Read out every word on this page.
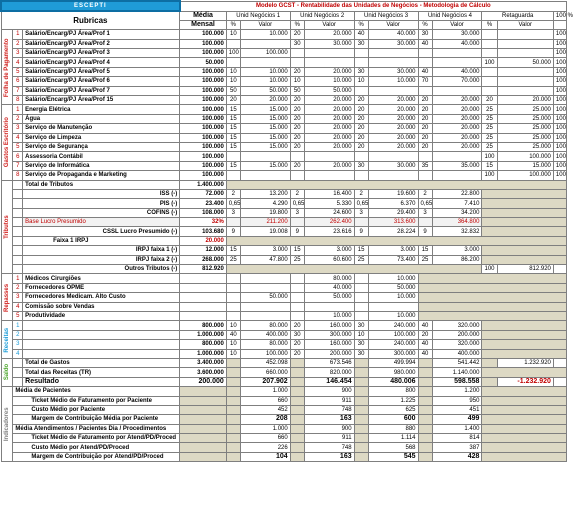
ESCEPTI			Modelo GCST - Rentabilidade das Unidades de Negócios - Metodologia de Cálculo											
Rubricas			Média	Unid Negócios 1		Unid Negócios 2		Unid Negócios 3		Unid Negócios 4		Retaguarda		100 %
			Mensal	%	Valor	%	Valor	%	Valor	%	Valor	%	Valor	
Folha de Pagamento	1	Salário/Encarg/PJ Área/Prof 1	100.000	10	10.000	20	20.000	40	40.000	30	30.000			100
	2	Salário/Encarg/PJ Área/Prof 2	100.000			30	30.000	30	30.000	40	40.000			100
	3	Salário/Encarg/PJ Área/Prof 3	100.000	100	100.000									100
	4	Salário/Encarg/PJ Área/Prof 4	50.000									100	50.000	100
	5	Salário/Encarg/PJ Área/Prof 5	100.000	10	10.000	20	20.000	30	30.000	40	40.000			100
	6	Salário/Encarg/PJ Área/Prof 6	100.000	10	10.000	10	10.000	10	10.000	70	70.000			100
	7	Salário/Encarg/PJ Área/Prof 7	100.000	50	50.000	50	50.000							100
	8	Salário/Encarg/PJ Área/Prof 15	100.000	20	20.000	20	20.000	20	20.000	20	20.000	20	20.000	100
Gastos Escritório	1	Energia Elétrica	100.000	15	15.000	20	20.000	20	20.000	20	20.000	25	25.000	100
	2	Água	100.000	15	15.000	20	20.000	20	20.000	20	20.000	25	25.000	100
	3	Serviço de Manutenção	100.000	15	15.000	20	20.000	20	20.000	20	20.000	25	25.000	100
	4	Serviço de Limpeza	100.000	15	15.000	20	20.000	20	20.000	20	20.000	25	25.000	100
	5	Serviço de Segurança	100.000	15	15.000	20	20.000	20	20.000	20	20.000	25	25.000	100
	6	Assessoria Contábil	100.000									100	100.000	100
	7	Serviço de Informática	100.000	15	15.000	20	20.000	30	30.000	35	35.000	15	15.000	100
	8	Serviço de Propaganda e Marketing	100.000									100	100.000	100
Tributos		Total de Tributos	1.400.000											
		ISS (-)	72.000	2	13.200	2	16.400	2	19.600	2	22.800			
		PIS (-)	23.400	0,65	4.290	0,65	5.330	0,65	6.370	0,65	7.410			
		COFINS (-)	108.000	3	19.800	3	24.600	3	29.400	3	34.200			
		Base Lucro Presumido	32%		211.200		262.400		313.600		364.800			
		CSSL Lucro Presumido (-)	103.680	9	19.008	9	23.616	9	28.224	9	32.832			
		Faixa 1 IRPJ	20.000											
		IRPJ faixa 1 (-)	12.000	15	3.000	15	3.000	15	3.000	15	3.000			
		IRPJ faixa 2 (-)	268.000	25	47.800	25	60.600	25	73.400	25	86.200			
		Outros Tributos (-)	812.920									100	812.920	
Repasses	1	Médicos Cirurgiões					80.000		10.000					
	2	Fornecedores OPME					40.000		50.000					
	3	Fornecedores Medicam. Alto Custo			50.000		50.000		10.000					
	4	Comissão sobre Vendas												
	5	Produtividade					10.000		10.000					
Receitas	1		800.000	10	80.000	20	160.000	30	240.000	40	320.000			
	2		1.000.000	40	400.000	30	300.000	10	100.000	20	200.000			
	3		800.000	10	80.000	20	160.000	30	240.000	40	320.000			
	4		1.000.000	10	100.000	20	200.000	30	300.000	40	400.000			
Saldo		Total de Gastos	3.400.000		452.098		673.546		499.994		541.442		1.232.920	
		Total das Receitas (TR)	3.600.000		660.000		820.000		980.000		1.140.000			
		Resultado	200.000		207.902		146.454		480.006		598.558		-1.232.920	
Indicadores	Média de Pacientes				1.000		900		800		1.200			
	Ticket Médio de Faturamento por Paciente				660		911		1.225		950			
	Custo Médio por Paciente				452		748		625		451			
	Margem de Contribuição Média por Paciente				208		163		600		499			
	Média Atendimentos / Pacientes Dia / Procedimentos				1.000		900		880		1.400			
	Ticket Médio de Faturamento por Atend/PD/Proced				660		911		1.114		814			
	Custo Médio por Atend/PD/Proced				226		748		568		387			
	Margem de Contribuição por Atend/PD/Proced				104		163		545		428			
